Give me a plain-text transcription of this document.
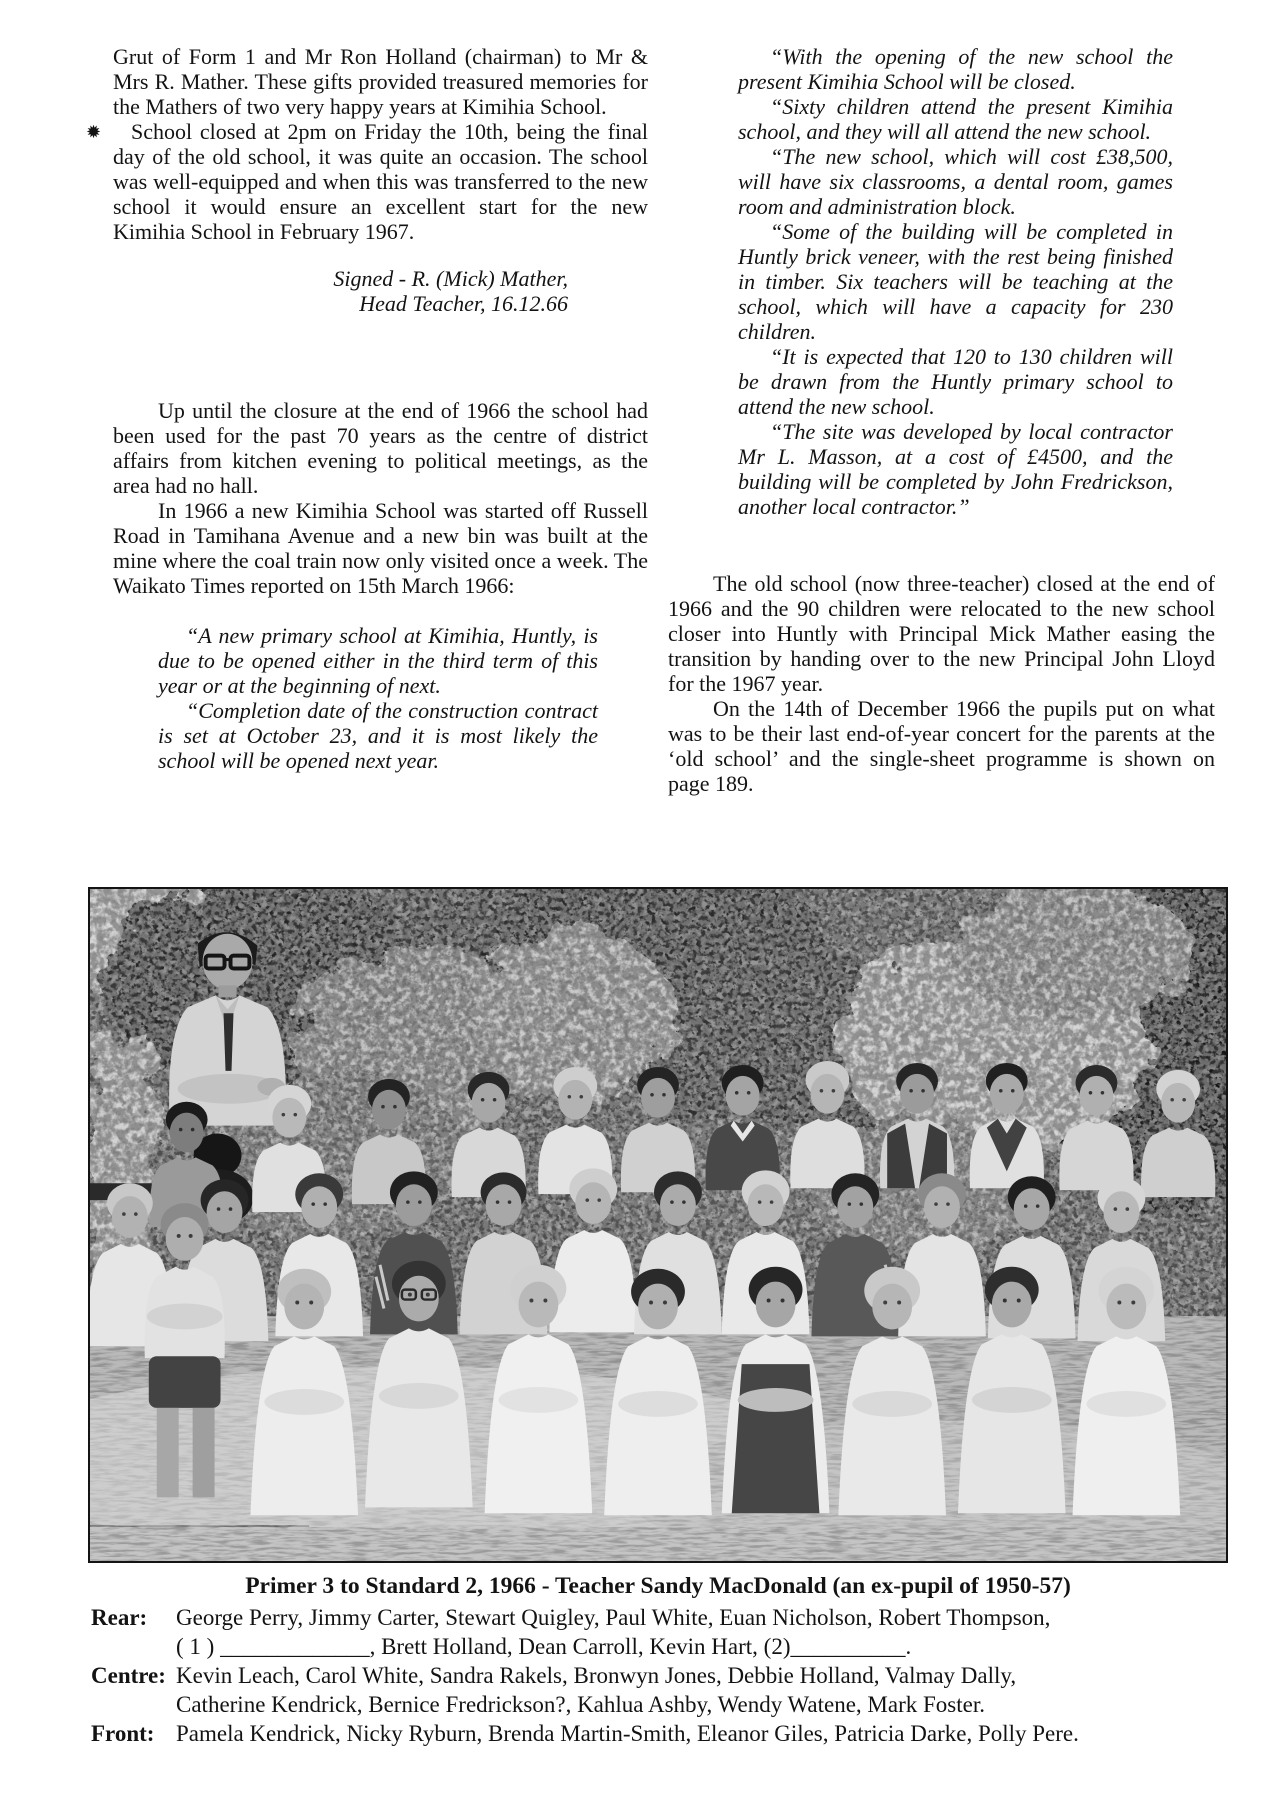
Grut of Form 1 and Mr Ron Holland (chairman) to Mr & Mrs R. Mather. These gifts provided treasured memories for the Mathers of two very happy years at Kimihia School.

✹ School closed at 2pm on Friday the 10th, being the final day of the old school, it was quite an occasion. The school was well-equipped and when this was transferred to the new school it would ensure an excellent start for the new Kimihia School in February 1967.

Signed - R. (Mick) Mather,
Head Teacher, 16.12.66

Up until the closure at the end of 1966 the school had been used for the past 70 years as the centre of district affairs from kitchen evening to political meetings, as the area had no hall.

In 1966 a new Kimihia School was started off Russell Road in Tamihana Avenue and a new bin was built at the mine where the coal train now only visited once a week. The Waikato Times reported on 15th March 1966:

“A new primary school at Kimihia, Huntly, is due to be opened either in the third term of this year or at the beginning of next.

“Completion date of the construction contract is set at October 23, and it is most likely the school will be opened next year.

“With the opening of the new school the present Kimihia School will be closed.

“Sixty children attend the present Kimihia school, and they will all attend the new school.

“The new school, which will cost £38,500, will have six classrooms, a dental room, games room and administration block.

“Some of the building will be completed in Huntly brick veneer, with the rest being finished in timber. Six teachers will be teaching at the school, which will have a capacity for 230 children.

“It is expected that 120 to 130 children will be drawn from the Huntly primary school to attend the new school.

“The site was developed by local contractor Mr L. Masson, at a cost of £4500, and the building will be completed by John Fredrickson, another local contractor.”

The old school (now three-teacher) closed at the end of 1966 and the 90 children were relocated to the new school closer into Huntly with Principal Mick Mather easing the transition by handing over to the new Principal John Lloyd for the 1967 year.

On the 14th of December 1966 the pupils put on what was to be their last end-of-year concert for the parents at the ‘old school’ and the single-sheet programme is shown on page 189.

Primer 3 to Standard 2, 1966 - Teacher Sandy MacDonald (an ex-pupil of 1950-57)
Rear: George Perry, Jimmy Carter, Stewart Quigley, Paul White, Euan Nicholson, Robert Thompson,
( 1 ) _____________, Brett Holland, Dean Carroll, Kevin Hart, (2)__________.
Centre: Kevin Leach, Carol White, Sandra Rakels, Bronwyn Jones, Debbie Holland, Valmay Dally,
Catherine Kendrick, Bernice Fredrickson?, Kahlua Ashby, Wendy Watene, Mark Foster.
Front: Pamela Kendrick, Nicky Ryburn, Brenda Martin-Smith, Eleanor Giles, Patricia Darke, Polly Pere.
